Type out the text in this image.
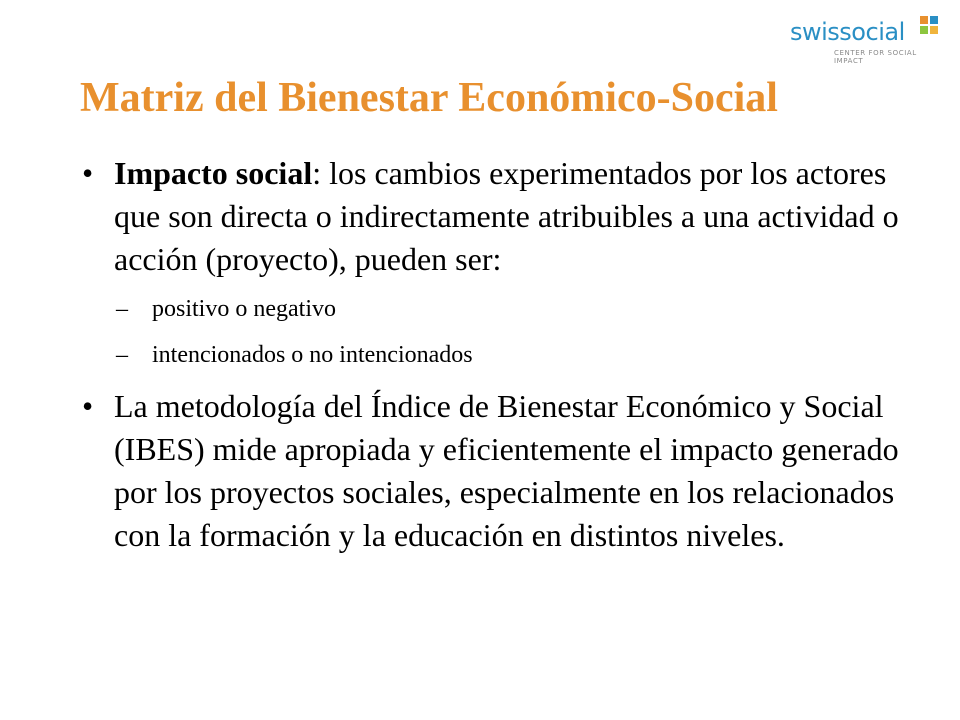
swissocial
CENTER FOR SOCIAL IMPACT
Matriz del Bienestar Económico-Social
• Impacto social: los cambios experimentados por los actores que son directa o indirectamente atribuibles a una actividad o acción (proyecto), pueden ser:
– positivo o negativo
– intencionados o no intencionados
• La metodología del Índice de Bienestar Económico y Social (IBES) mide apropiada y eficientemente el impacto generado por los proyectos sociales, especialmente en los relacionados con la formación y la educación en distintos niveles.
